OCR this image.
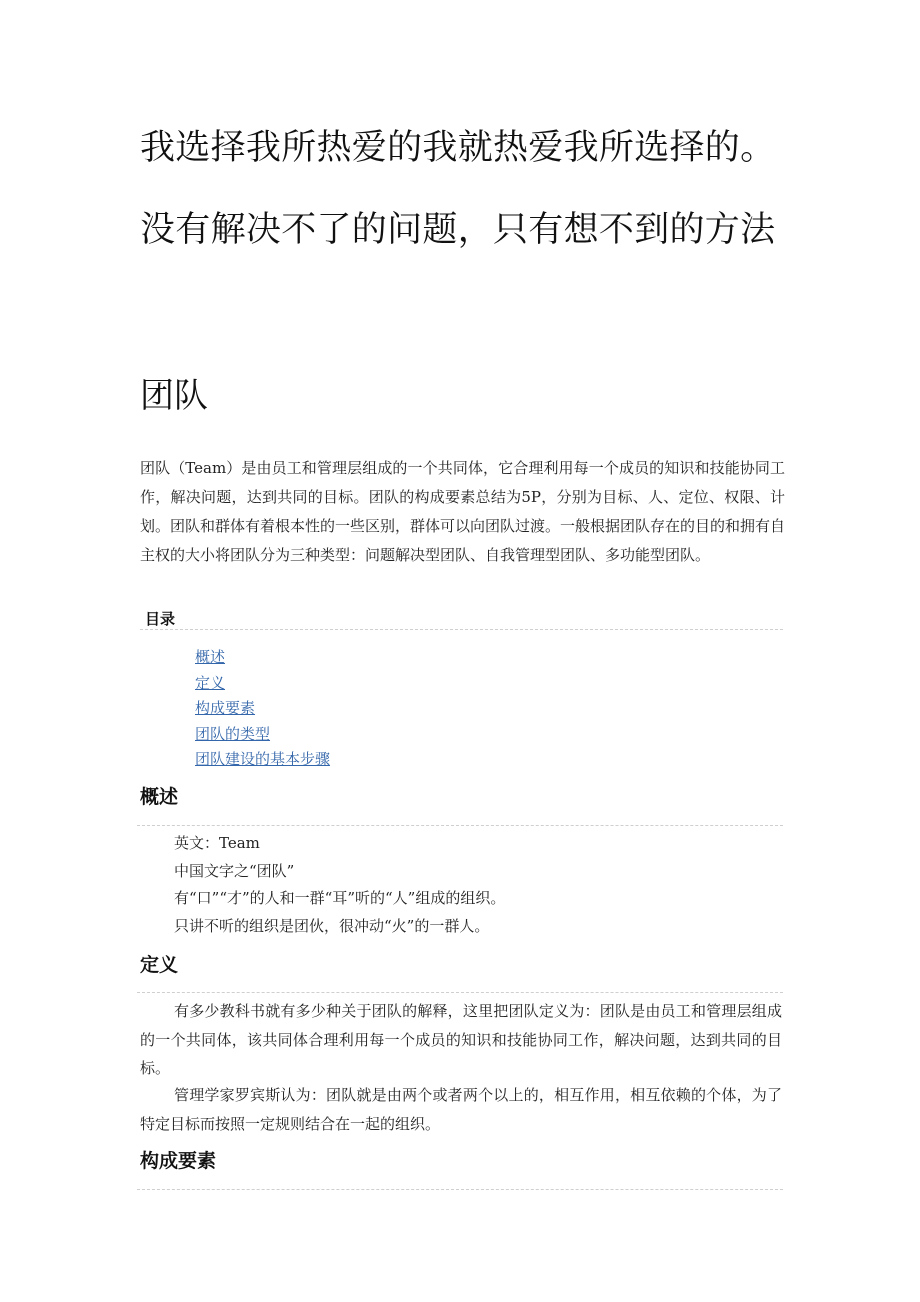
我选择我所热爱的我就热爱我所选择的。
没有解决不了的问题，只有想不到的方法
团队

团队（Team）是由员工和管理层组成的一个共同体，它合理利用每一个成员的知识和技能协同工作，解决问题，达到共同的目标。团队的构成要素总结为5P，分别为目标、人、定位、权限、计划。团队和群体有着根本性的一些区别，群体可以向团队过渡。一般根据团队存在的目的和拥有自主权的大小将团队分为三种类型：问题解决型团队、自我管理型团队、多功能型团队。

目录
概述
定义
构成要素
团队的类型
团队建设的基本步骤
概述
英文：Team
中国文字之“团队”
有“口”“才”的人和一群“耳”听的“人”组成的组织。
只讲不听的组织是团伙，很冲动“火”的一群人。
定义

有多少教科书就有多少种关于团队的解释，这里把团队定义为：团队是由员工和管理层组成的一个共同体，该共同体合理利用每一个成员的知识和技能协同工作，解决问题，达到共同的目标。

管理学家罗宾斯认为：团队就是由两个或者两个以上的，相互作用，相互依赖的个体，为了特定目标而按照一定规则结合在一起的组织。

构成要素
